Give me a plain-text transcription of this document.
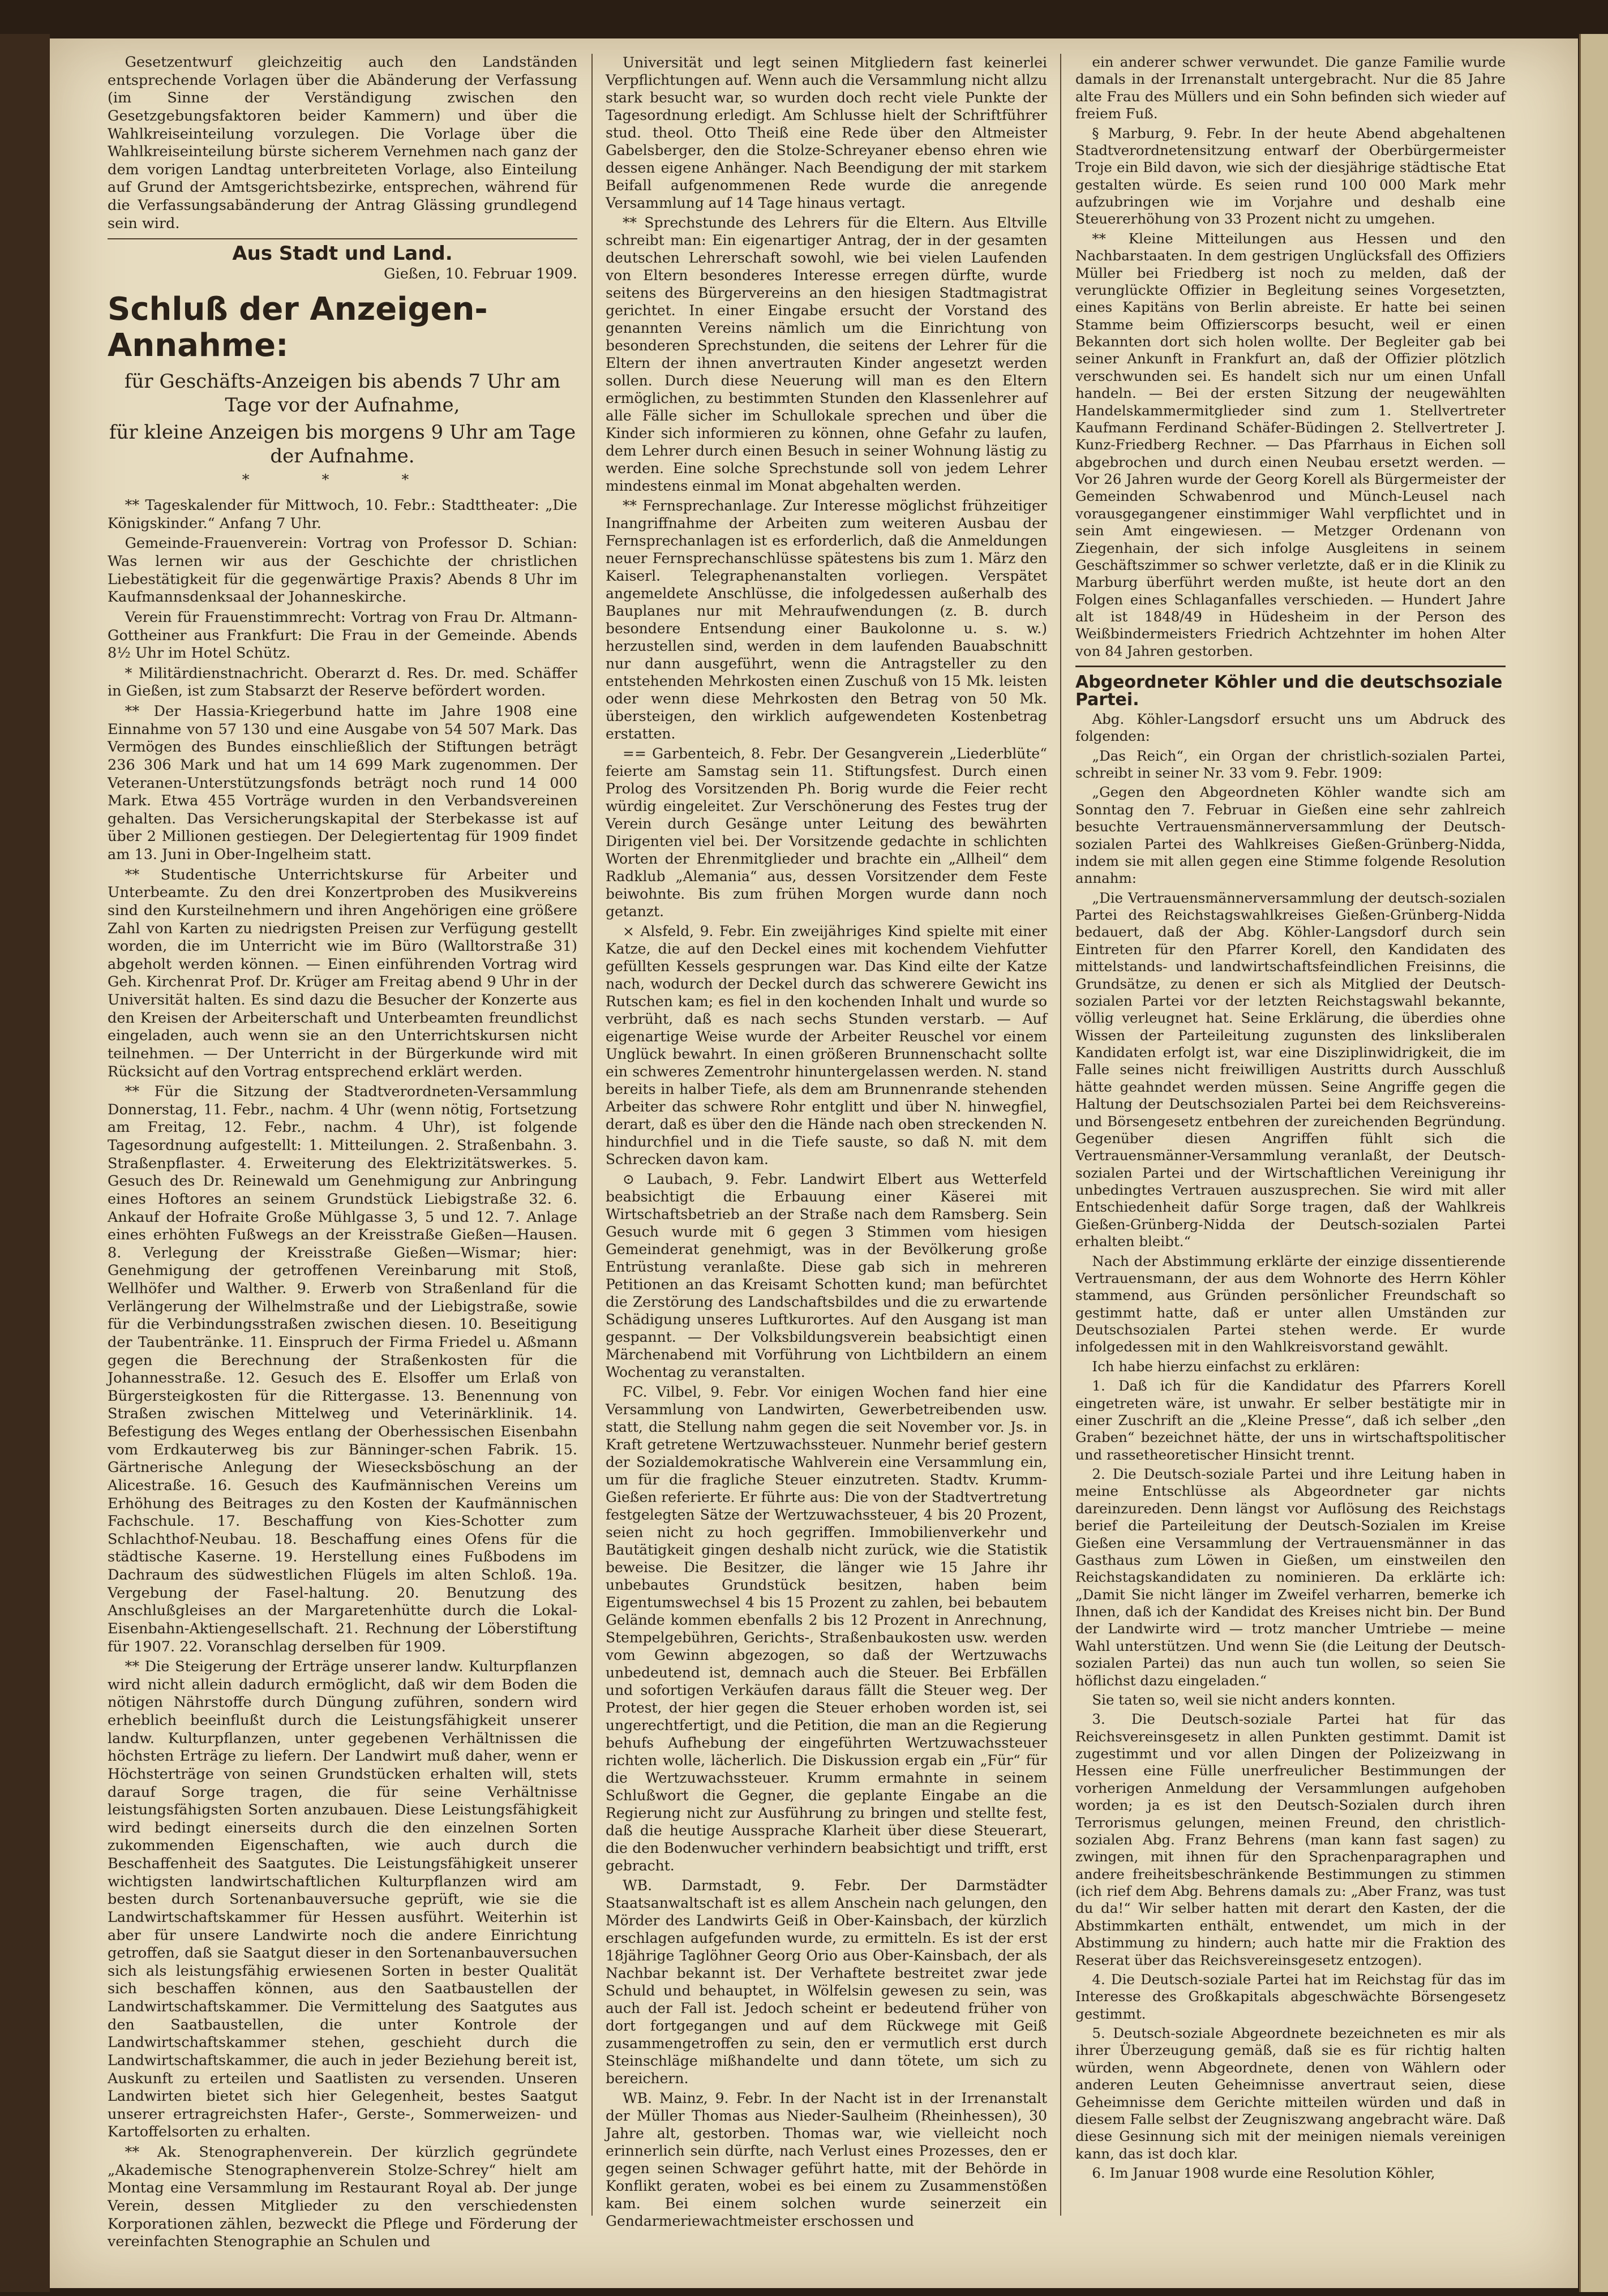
Gesetzentwurf gleichzeitig auch den Landständen entsprechende Vorlagen über die Abänderung der Verfassung (im Sinne der Verständigung zwischen den Gesetzgebungsfaktoren beider Kammern) und über die Wahlkreiseinteilung vorzulegen. Die Vorlage über die Wahlkreiseinteilung bürste sicherem Vernehmen nach ganz der dem vorigen Landtag unterbreiteten Vorlage, also Einteilung auf Grund der Amtsgerichtsbezirke, entsprechen, während für die Verfassungsabänderung der Antrag Glässing grundlegend sein wird.

Aus Stadt und Land.

Gießen, 10. Februar 1909.

Schluß der Anzeigen-Annahme:

für Geschäfts-Anzeigen bis abends 7 Uhr am Tage vor der Aufnahme,

für kleine Anzeigen bis morgens 9 Uhr am Tage der Aufnahme.

* * *

** Tageskalender für Mittwoch, 10. Febr.: Stadttheater: „Die Königskinder.“ Anfang 7 Uhr.

Gemeinde-Frauenverein: Vortrag von Professor D. Schian: Was lernen wir aus der Geschichte der christlichen Liebestätigkeit für die gegenwärtige Praxis? Abends 8 Uhr im Kaufmannsdenksaal der Johanneskirche.

Verein für Frauenstimmrecht: Vortrag von Frau Dr. Altmann-Gottheiner aus Frankfurt: Die Frau in der Gemeinde. Abends 8½ Uhr im Hotel Schütz.

* Militärdienstnachricht. Oberarzt d. Res. Dr. med. Schäffer in Gießen, ist zum Stabsarzt der Reserve befördert worden.

** Der Hassia-Kriegerbund hatte im Jahre 1908 eine Einnahme von 57 130 und eine Ausgabe von 54 507 Mark. Das Vermögen des Bundes einschließlich der Stiftungen beträgt 236 306 Mark und hat um 14 699 Mark zugenommen. Der Veteranen-Unterstützungsfonds beträgt noch rund 14 000 Mark. Etwa 455 Vorträge wurden in den Verbandsvereinen gehalten. Das Versicherungskapital der Sterbekasse ist auf über 2 Millionen gestiegen. Der Delegiertentag für 1909 findet am 13. Juni in Ober-Ingelheim statt.

** Studentische Unterrichtskurse für Arbeiter und Unterbeamte. Zu den drei Konzertproben des Musikvereins sind den Kursteilnehmern und ihren Angehörigen eine größere Zahl von Karten zu niedrigsten Preisen zur Verfügung gestellt worden, die im Unterricht wie im Büro (Walltorstraße 31) abgeholt werden können. — Einen einführenden Vortrag wird Geh. Kirchenrat Prof. Dr. Krüger am Freitag abend 9 Uhr in der Universität halten. Es sind dazu die Besucher der Konzerte aus den Kreisen der Arbeiterschaft und Unterbeamten freundlichst eingeladen, auch wenn sie an den Unterrichtskursen nicht teilnehmen. — Der Unterricht in der Bürgerkunde wird mit Rücksicht auf den Vortrag entsprechend erklärt werden.

** Für die Sitzung der Stadtverordneten-Versammlung Donnerstag, 11. Febr., nachm. 4 Uhr (wenn nötig, Fortsetzung am Freitag, 12. Febr., nachm. 4 Uhr), ist folgende Tagesordnung aufgestellt: 1. Mitteilungen. 2. Straßenbahn. 3. Straßenpflaster. 4. Erweiterung des Elektrizitätswerkes. 5. Gesuch des Dr. Reinewald um Genehmigung zur Anbringung eines Hoftores an seinem Grundstück Liebigstraße 32. 6. Ankauf der Hofraite Große Mühlgasse 3, 5 und 12. 7. Anlage eines erhöhten Fußwegs an der Kreisstraße Gießen—Hausen. 8. Verlegung der Kreisstraße Gießen—Wismar; hier: Genehmigung der getroffenen Vereinbarung mit Stoß, Wellhöfer und Walther. 9. Erwerb von Straßenland für die Verlängerung der Wilhelmstraße und der Liebigstraße, sowie für die Verbindungsstraßen zwischen diesen. 10. Beseitigung der Taubentränke. 11. Einspruch der Firma Friedel u. Aßmann gegen die Berechnung der Straßenkosten für die Johannesstraße. 12. Gesuch des E. Elsoffer um Erlaß von Bürgersteigkosten für die Rittergasse. 13. Benennung von Straßen zwischen Mittelweg und Veterinärklinik. 14. Befestigung des Weges entlang der Oberhessischen Eisenbahn vom Erdkauterweg bis zur Bänninger-schen Fabrik. 15. Gärtnerische Anlegung der Wiesecksböschung an der Alicestraße. 16. Gesuch des Kaufmännischen Vereins um Erhöhung des Beitrages zu den Kosten der Kaufmännischen Fachschule. 17. Beschaffung von Kies-Schotter zum Schlachthof-Neubau. 18. Beschaffung eines Ofens für die städtische Kaserne. 19. Herstellung eines Fußbodens im Dachraum des südwestlichen Flügels im alten Schloß. 19a. Vergebung der Fasel-haltung. 20. Benutzung des Anschlußgleises an der Margaretenhütte durch die Lokal-Eisenbahn-Aktiengesellschaft. 21. Rechnung der Löberstiftung für 1907. 22. Voranschlag derselben für 1909.

** Die Steigerung der Erträge unserer landw. Kulturpflanzen wird nicht allein dadurch ermöglicht, daß wir dem Boden die nötigen Nährstoffe durch Düngung zuführen, sondern wird erheblich beeinflußt durch die Leistungsfähigkeit unserer landw. Kulturpflanzen, unter gegebenen Verhältnissen die höchsten Erträge zu liefern. Der Landwirt muß daher, wenn er Höchsterträge von seinen Grundstücken erhalten will, stets darauf Sorge tragen, die für seine Verhältnisse leistungsfähigsten Sorten anzubauen. Diese Leistungsfähigkeit wird bedingt einerseits durch die den einzelnen Sorten zukommenden Eigenschaften, wie auch durch die Beschaffenheit des Saatgutes. Die Leistungsfähigkeit unserer wichtigsten landwirtschaftlichen Kulturpflanzen wird am besten durch Sortenanbauversuche geprüft, wie sie die Landwirtschaftskammer für Hessen ausführt. Weiterhin ist aber für unsere Landwirte noch die andere Einrichtung getroffen, daß sie Saatgut dieser in den Sortenanbauversuchen sich als leistungsfähig erwiesenen Sorten in bester Qualität sich beschaffen können, aus den Saatbaustellen der Landwirtschaftskammer. Die Vermittelung des Saatgutes aus den Saatbaustellen, die unter Kontrole der Landwirtschaftskammer stehen, geschieht durch die Landwirtschaftskammer, die auch in jeder Beziehung bereit ist, Auskunft zu erteilen und Saatlisten zu versenden. Unseren Landwirten bietet sich hier Gelegenheit, bestes Saatgut unserer ertragreichsten Hafer-, Gerste-, Sommerweizen- und Kartoffelsorten zu erhalten.

** Ak. Stenographenverein. Der kürzlich gegründete „Akademische Stenographenverein Stolze-Schrey“ hielt am Montag eine Versammlung im Restaurant Royal ab. Der junge Verein, dessen Mitglieder zu den verschiedensten Korporationen zählen, bezweckt die Pflege und Förderung der vereinfachten Stenographie an Schulen und

Universität und legt seinen Mitgliedern fast keinerlei Verpflichtungen auf. Wenn auch die Versammlung nicht allzu stark besucht war, so wurden doch recht viele Punkte der Tagesordnung erledigt. Am Schlusse hielt der Schriftführer stud. theol. Otto Theiß eine Rede über den Altmeister Gabelsberger, den die Stolze-Schreyaner ebenso ehren wie dessen eigene Anhänger. Nach Beendigung der mit starkem Beifall aufgenommenen Rede wurde die anregende Versammlung auf 14 Tage hinaus vertagt.

** Sprechstunde des Lehrers für die Eltern. Aus Eltville schreibt man: Ein eigenartiger Antrag, der in der gesamten deutschen Lehrerschaft sowohl, wie bei vielen Laufenden von Eltern besonderes Interesse erregen dürfte, wurde seitens des Bürgervereins an den hiesigen Stadtmagistrat gerichtet. In einer Eingabe ersucht der Vorstand des genannten Vereins nämlich um die Einrichtung von besonderen Sprechstunden, die seitens der Lehrer für die Eltern der ihnen anvertrauten Kinder angesetzt werden sollen. Durch diese Neuerung will man es den Eltern ermöglichen, zu bestimmten Stunden den Klassenlehrer auf alle Fälle sicher im Schullokale sprechen und über die Kinder sich informieren zu können, ohne Gefahr zu laufen, dem Lehrer durch einen Besuch in seiner Wohnung lästig zu werden. Eine solche Sprechstunde soll von jedem Lehrer mindestens einmal im Monat abgehalten werden.

** Fernsprechanlage. Zur Interesse möglichst frühzeitiger Inangriffnahme der Arbeiten zum weiteren Ausbau der Fernsprechanlagen ist es erforderlich, daß die Anmeldungen neuer Fernsprechanschlüsse spätestens bis zum 1. März den Kaiserl. Telegraphenanstalten vorliegen. Verspätet angemeldete Anschlüsse, die infolgedessen außerhalb des Bauplanes nur mit Mehraufwendungen (z. B. durch besondere Entsendung einer Baukolonne u. s. w.) herzustellen sind, werden in dem laufenden Bauabschnitt nur dann ausgeführt, wenn die Antragsteller zu den entstehenden Mehrkosten einen Zuschuß von 15 Mk. leisten oder wenn diese Mehrkosten den Betrag von 50 Mk. übersteigen, den wirklich aufgewendeten Kostenbetrag erstatten.

== Garbenteich, 8. Febr. Der Gesangverein „Liederblüte“ feierte am Samstag sein 11. Stiftungsfest. Durch einen Prolog des Vorsitzenden Ph. Borig wurde die Feier recht würdig eingeleitet. Zur Verschönerung des Festes trug der Verein durch Gesänge unter Leitung des bewährten Dirigenten viel bei. Der Vorsitzende gedachte in schlichten Worten der Ehrenmitglieder und brachte ein „Allheil“ dem Radklub „Alemania“ aus, dessen Vorsitzender dem Feste beiwohnte. Bis zum frühen Morgen wurde dann noch getanzt.

× Alsfeld, 9. Febr. Ein zweijähriges Kind spielte mit einer Katze, die auf den Deckel eines mit kochendem Viehfutter gefüllten Kessels gesprungen war. Das Kind eilte der Katze nach, wodurch der Deckel durch das schwerere Gewicht ins Rutschen kam; es fiel in den kochenden Inhalt und wurde so verbrüht, daß es nach sechs Stunden verstarb. — Auf eigenartige Weise wurde der Arbeiter Reuschel vor einem Unglück bewahrt. In einen größeren Brunnenschacht sollte ein schweres Zementrohr hinuntergelassen werden. N. stand bereits in halber Tiefe, als dem am Brunnenrande stehenden Arbeiter das schwere Rohr entglitt und über N. hinwegfiel, derart, daß es über den die Hände nach oben streckenden N. hindurchfiel und in die Tiefe sauste, so daß N. mit dem Schrecken davon kam.

⊙ Laubach, 9. Febr. Landwirt Elbert aus Wetterfeld beabsichtigt die Erbauung einer Käserei mit Wirtschaftsbetrieb an der Straße nach dem Ramsberg. Sein Gesuch wurde mit 6 gegen 3 Stimmen vom hiesigen Gemeinderat genehmigt, was in der Bevölkerung große Entrüstung veranlaßte. Diese gab sich in mehreren Petitionen an das Kreisamt Schotten kund; man befürchtet die Zerstörung des Landschaftsbildes und die zu erwartende Schädigung unseres Luftkurortes. Auf den Ausgang ist man gespannt. — Der Volksbildungsverein beabsichtigt einen Märchenabend mit Vorführung von Lichtbildern an einem Wochentag zu veranstalten.

FC. Vilbel, 9. Febr. Vor einigen Wochen fand hier eine Versammlung von Landwirten, Gewerbetreibenden usw. statt, die Stellung nahm gegen die seit November vor. Js. in Kraft getretene Wertzuwachssteuer. Nunmehr berief gestern der Sozialdemokratische Wahlverein eine Versammlung ein, um für die fragliche Steuer einzutreten. Stadtv. Krumm-Gießen referierte. Er führte aus: Die von der Stadtvertretung festgelegten Sätze der Wertzuwachssteuer, 4 bis 20 Prozent, seien nicht zu hoch gegriffen. Immobilienverkehr und Bautätigkeit gingen deshalb nicht zurück, wie die Statistik beweise. Die Besitzer, die länger wie 15 Jahre ihr unbebautes Grundstück besitzen, haben beim Eigentumswechsel 4 bis 15 Prozent zu zahlen, bei bebautem Gelände kommen ebenfalls 2 bis 12 Prozent in Anrechnung, Stempelgebühren, Gerichts-, Straßenbaukosten usw. werden vom Gewinn abgezogen, so daß der Wertzuwachs unbedeutend ist, demnach auch die Steuer. Bei Erbfällen und sofortigen Verkäufen daraus fällt die Steuer weg. Der Protest, der hier gegen die Steuer erhoben worden ist, sei ungerechtfertigt, und die Petition, die man an die Regierung behufs Aufhebung der eingeführten Wertzuwachssteuer richten wolle, lächerlich. Die Diskussion ergab ein „Für“ für die Wertzuwachssteuer. Krumm ermahnte in seinem Schlußwort die Gegner, die geplante Eingabe an die Regierung nicht zur Ausführung zu bringen und stellte fest, daß die heutige Aussprache Klarheit über diese Steuerart, die den Bodenwucher verhindern beabsichtigt und trifft, erst gebracht.

WB. Darmstadt, 9. Febr. Der Darmstädter Staatsanwaltschaft ist es allem Anschein nach gelungen, den Mörder des Landwirts Geiß in Ober-Kainsbach, der kürzlich erschlagen aufgefunden wurde, zu ermitteln. Es ist der erst 18jährige Taglöhner Georg Orio aus Ober-Kainsbach, der als Nachbar bekannt ist. Der Verhaftete bestreitet zwar jede Schuld und behauptet, in Wölfelsin gewesen zu sein, was auch der Fall ist. Jedoch scheint er bedeutend früher von dort fortgegangen und auf dem Rückwege mit Geiß zusammengetroffen zu sein, den er vermutlich erst durch Steinschläge mißhandelte und dann tötete, um sich zu bereichern.

WB. Mainz, 9. Febr. In der Nacht ist in der Irrenanstalt der Müller Thomas aus Nieder-Saulheim (Rheinhessen), 30 Jahre alt, gestorben. Thomas war, wie vielleicht noch erinnerlich sein dürfte, nach Verlust eines Prozesses, den er gegen seinen Schwager geführt hatte, mit der Behörde in Konflikt geraten, wobei es bei einem zu Zusammenstößen kam. Bei einem solchen wurde seinerzeit ein Gendarmeriewachtmeister erschossen und

ein anderer schwer verwundet. Die ganze Familie wurde damals in der Irrenanstalt untergebracht. Nur die 85 Jahre alte Frau des Müllers und ein Sohn befinden sich wieder auf freiem Fuß.

§ Marburg, 9. Febr. In der heute Abend abgehaltenen Stadtverordnetensitzung entwarf der Oberbürgermeister Troje ein Bild davon, wie sich der diesjährige städtische Etat gestalten würde. Es seien rund 100 000 Mark mehr aufzubringen wie im Vorjahre und deshalb eine Steuererhöhung von 33 Prozent nicht zu umgehen.

** Kleine Mitteilungen aus Hessen und den Nachbarstaaten. In dem gestrigen Unglücksfall des Offiziers Müller bei Friedberg ist noch zu melden, daß der verunglückte Offizier in Begleitung seines Vorgesetzten, eines Kapitäns von Berlin abreiste. Er hatte bei seinen Stamme beim Offizierscorps besucht, weil er einen Bekannten dort sich holen wollte. Der Begleiter gab bei seiner Ankunft in Frankfurt an, daß der Offizier plötzlich verschwunden sei. Es handelt sich nur um einen Unfall handeln. — Bei der ersten Sitzung der neugewählten Handelskammermitglieder sind zum 1. Stellvertreter Kaufmann Ferdinand Schäfer-Büdingen 2. Stellvertreter J. Kunz-Friedberg Rechner. — Das Pfarrhaus in Eichen soll abgebrochen und durch einen Neubau ersetzt werden. — Vor 26 Jahren wurde der Georg Korell als Bürgermeister der Gemeinden Schwabenrod und Münch-Leusel nach vorausgegangener einstimmiger Wahl verpflichtet und in sein Amt eingewiesen. — Metzger Ordenann von Ziegenhain, der sich infolge Ausgleitens in seinem Geschäftszimmer so schwer verletzte, daß er in die Klinik zu Marburg überführt werden mußte, ist heute dort an den Folgen eines Schlaganfalles verschieden. — Hundert Jahre alt ist 1848/49 in Hüdesheim in der Person des Weißbindermeisters Friedrich Achtzehnter im hohen Alter von 84 Jahren gestorben.

Abgeordneter Köhler und die deutschsoziale Partei.

Abg. Köhler-Langsdorf ersucht uns um Abdruck des folgenden:

„Das Reich“, ein Organ der christlich-sozialen Partei, schreibt in seiner Nr. 33 vom 9. Febr. 1909:

„Gegen den Abgeordneten Köhler wandte sich am Sonntag den 7. Februar in Gießen eine sehr zahlreich besuchte Vertrauensmännerversammlung der Deutsch-sozialen Partei des Wahlkreises Gießen-Grünberg-Nidda, indem sie mit allen gegen eine Stimme folgende Resolution annahm:

„Die Vertrauensmännerversammlung der deutsch-sozialen Partei des Reichstagswahlkreises Gießen-Grünberg-Nidda bedauert, daß der Abg. Köhler-Langsdorf durch sein Eintreten für den Pfarrer Korell, den Kandidaten des mittelstands- und landwirtschaftsfeindlichen Freisinns, die Grundsätze, zu denen er sich als Mitglied der Deutsch-sozialen Partei vor der letzten Reichstagswahl bekannte, völlig verleugnet hat. Seine Erklärung, die überdies ohne Wissen der Parteileitung zugunsten des linksliberalen Kandidaten erfolgt ist, war eine Disziplinwidrigkeit, die im Falle seines nicht freiwilligen Austritts durch Ausschluß hätte geahndet werden müssen. Seine Angriffe gegen die Haltung der Deutschsozialen Partei bei dem Reichsvereins- und Börsengesetz entbehren der zureichenden Begründung. Gegenüber diesen Angriffen fühlt sich die Vertrauensmänner-Versammlung veranlaßt, der Deutsch-sozialen Partei und der Wirtschaftlichen Vereinigung ihr unbedingtes Vertrauen auszusprechen. Sie wird mit aller Entschiedenheit dafür Sorge tragen, daß der Wahlkreis Gießen-Grünberg-Nidda der Deutsch-sozialen Partei erhalten bleibt.“

Nach der Abstimmung erklärte der einzige dissentierende Vertrauensmann, der aus dem Wohnorte des Herrn Köhler stammend, aus Gründen persönlicher Freundschaft so gestimmt hatte, daß er unter allen Umständen zur Deutschsozialen Partei stehen werde. Er wurde infolgedessen mit in den Wahlkreisvorstand gewählt.

Ich habe hierzu einfachst zu erklären:

1. Daß ich für die Kandidatur des Pfarrers Korell eingetreten wäre, ist unwahr. Er selber bestätigte mir in einer Zuschrift an die „Kleine Presse“, daß ich selber „den Graben“ bezeichnet hätte, der uns in wirtschaftspolitischer und rassetheoretischer Hinsicht trennt.

2. Die Deutsch-soziale Partei und ihre Leitung haben in meine Entschlüsse als Abgeordneter gar nichts dareinzureden. Denn längst vor Auflösung des Reichstags berief die Parteileitung der Deutsch-Sozialen im Kreise Gießen eine Versammlung der Vertrauensmänner in das Gasthaus zum Löwen in Gießen, um einstweilen den Reichstagskandidaten zu nominieren. Da erklärte ich: „Damit Sie nicht länger im Zweifel verharren, bemerke ich Ihnen, daß ich der Kandidat des Kreises nicht bin. Der Bund der Landwirte wird — trotz mancher Umtriebe — meine Wahl unterstützen. Und wenn Sie (die Leitung der Deutsch-sozialen Partei) das nun auch tun wollen, so seien Sie höflichst dazu eingeladen.“

Sie taten so, weil sie nicht anders konnten.

3. Die Deutsch-soziale Partei hat für das Reichsvereinsgesetz in allen Punkten gestimmt. Damit ist zugestimmt und vor allen Dingen der Polizeizwang in Hessen eine Fülle unerfreulicher Bestimmungen der vorherigen Anmeldung der Versammlungen aufgehoben worden; ja es ist den Deutsch-Sozialen durch ihren Terrorismus gelungen, meinen Freund, den christlich-sozialen Abg. Franz Behrens (man kann fast sagen) zu zwingen, mit ihnen für den Sprachenparagraphen und andere freiheitsbeschränkende Bestimmungen zu stimmen (ich rief dem Abg. Behrens damals zu: „Aber Franz, was tust du da!“ Wir selber hatten mit derart den Kasten, der die Abstimmkarten enthält, entwendet, um mich in der Abstimmung zu hindern; auch hatte mir die Fraktion des Reserat über das Reichsvereinsgesetz entzogen).

4. Die Deutsch-soziale Partei hat im Reichstag für das im Interesse des Großkapitals abgeschwächte Börsengesetz gestimmt.

5. Deutsch-soziale Abgeordnete bezeichneten es mir als ihrer Überzeugung gemäß, daß sie es für richtig halten würden, wenn Abgeordnete, denen von Wählern oder anderen Leuten Geheimnisse anvertraut seien, diese Geheimnisse dem Gerichte mitteilen würden und daß in diesem Falle selbst der Zeugniszwang angebracht wäre. Daß diese Gesinnung sich mit der meinigen niemals vereinigen kann, das ist doch klar.

6. Im Januar 1908 wurde eine Resolution Köhler,
